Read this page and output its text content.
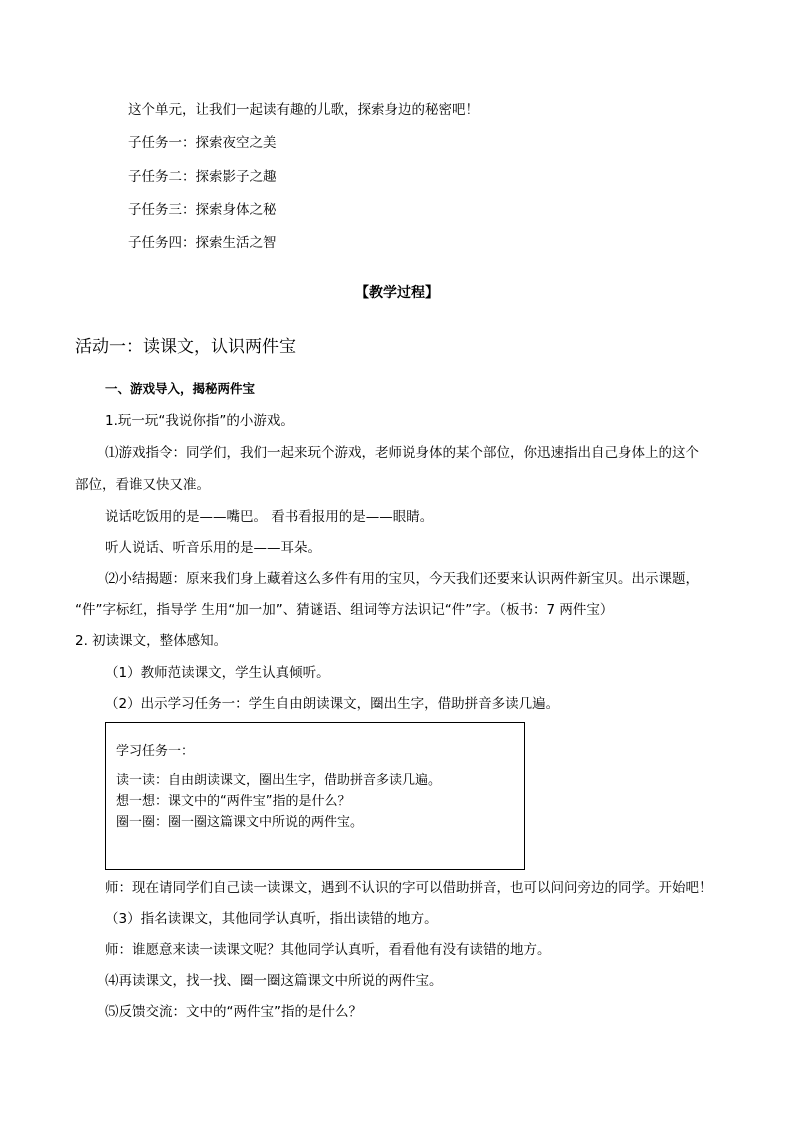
这个单元，让我们一起读有趣的儿歌，探索身边的秘密吧！
子任务一：探索夜空之美
子任务二：探索影子之趣
子任务三：探索身体之秘
子任务四：探索生活之智
【教学过程】
活动一：读课文，认识两件宝
一、游戏导入，揭秘两件宝
1.玩一玩“我说你指”的小游戏。
⑴游戏指令：同学们，我们一起来玩个游戏，老师说身体的某个部位，你迅速指出自己身体上的这个
部位，看谁又快又准。
说话吃饭用的是——嘴巴。 看书看报用的是——眼睛。
听人说话、听音乐用的是——耳朵。
⑵小结揭题：原来我们身上藏着这么多件有用的宝贝，今天我们还要来认识两件新宝贝。出示课题，
“件”字标红，指导学 生用“加一加”、猜谜语、组词等方法识记“件”字。（板书：7 两件宝）
2. 初读课文，整体感知。
（1）教师范读课文，学生认真倾听。
（2）出示学习任务一：学生自由朗读课文，圈出生字，借助拼音多读几遍。
学习任务一：
读一读：自由朗读课文，圈出生字，借助拼音多读几遍。
想一想：课文中的“两件宝”指的是什么？
圈一圈：圈一圈这篇课文中所说的两件宝。
师：现在请同学们自己读一读课文，遇到不认识的字可以借助拼音，也可以问问旁边的同学。开始吧！
（3）指名读课文，其他同学认真听，指出读错的地方。
师：谁愿意来读一读课文呢？其他同学认真听，看看他有没有读错的地方。
⑷再读课文，找一找、圈一圈这篇课文中所说的两件宝。
⑸反馈交流：文中的“两件宝”指的是什么？
